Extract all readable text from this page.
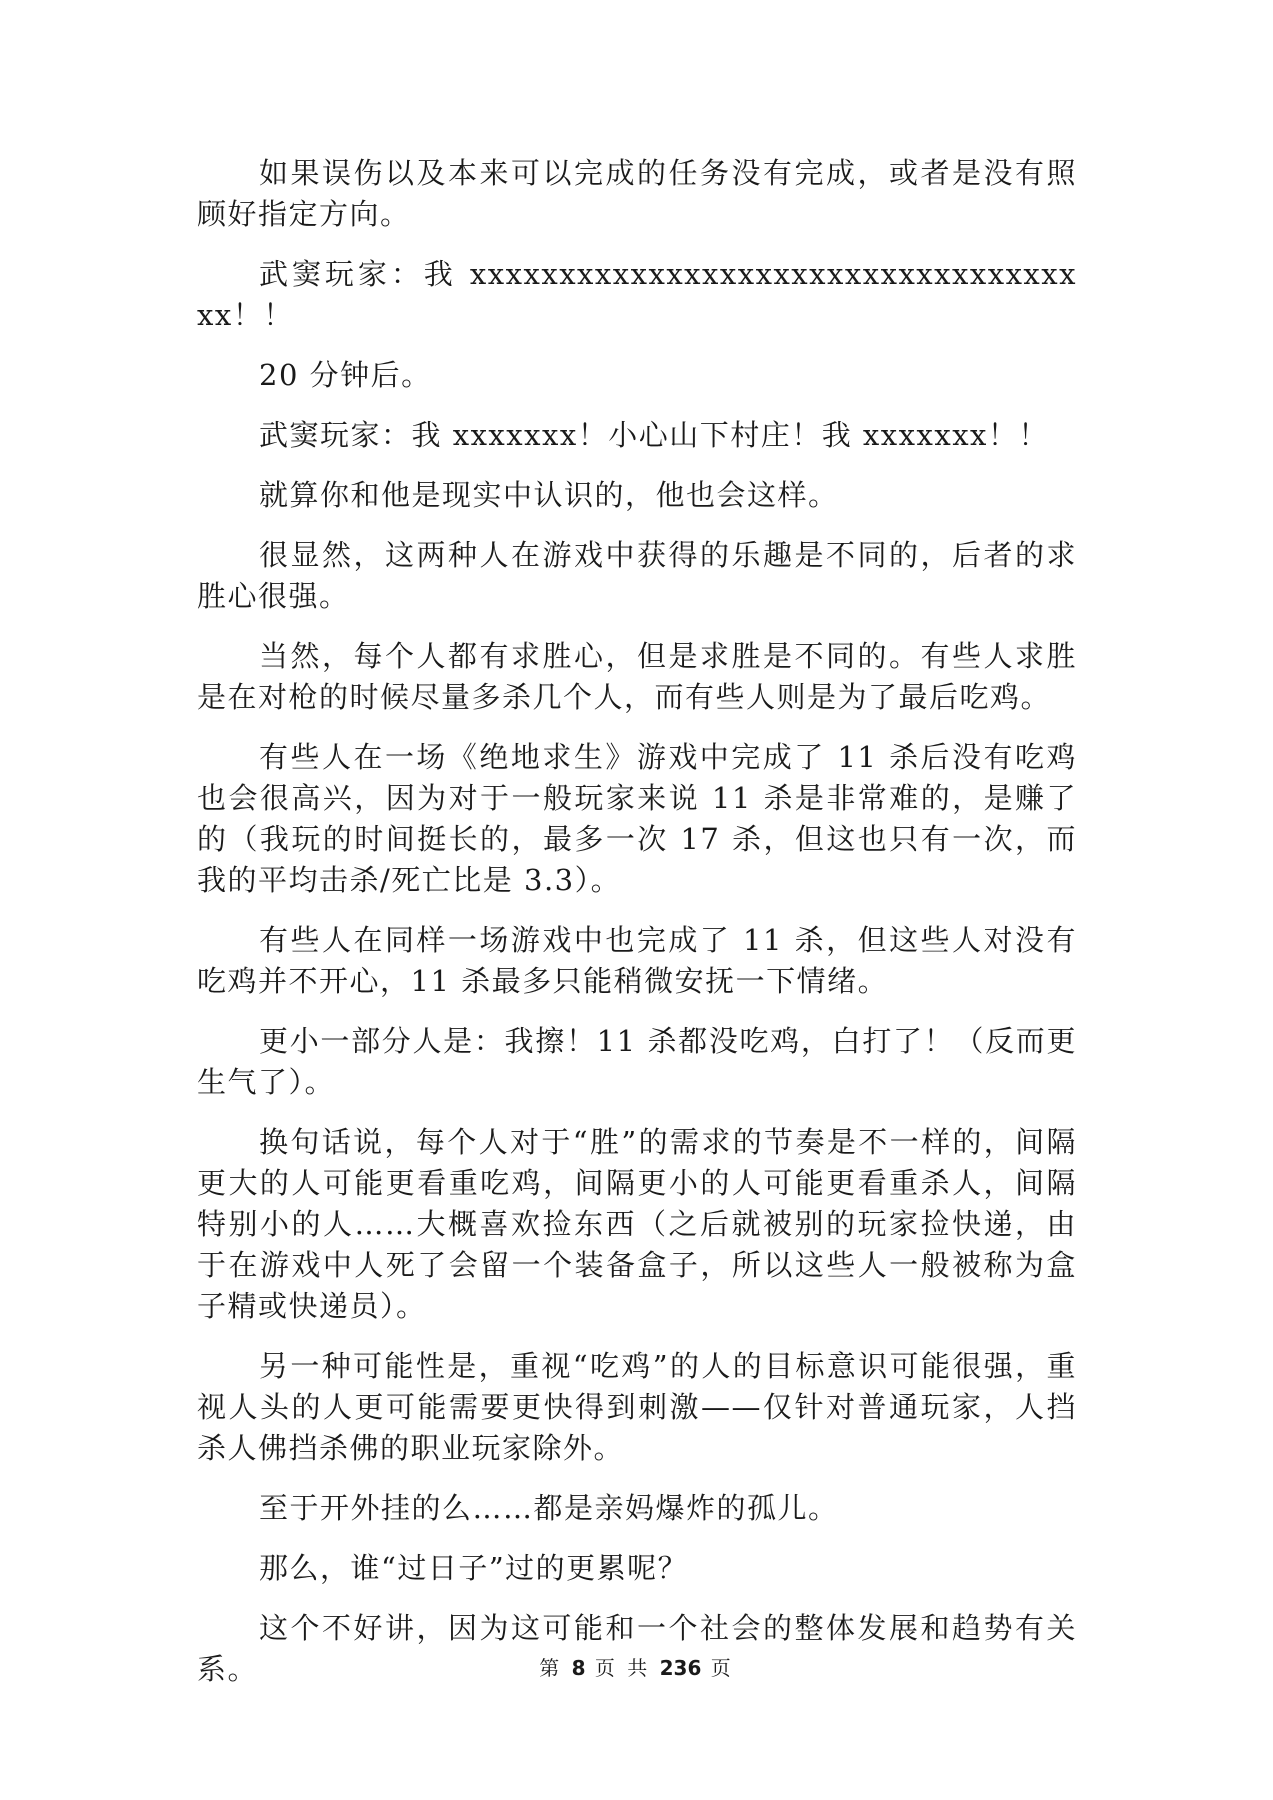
如果误伤以及本来可以完成的任务没有完成，或者是没有照顾好指定方向。

武窦玩家：我 xxxxxxxxxxxxxxxxxxxxxxxxxxxxxxxxxxxx！！

20 分钟后。

武窦玩家：我 xxxxxxx！小心山下村庄！我 xxxxxxx！！

就算你和他是现实中认识的，他也会这样。

很显然，这两种人在游戏中获得的乐趣是不同的，后者的求胜心很强。

当然，每个人都有求胜心，但是求胜是不同的。有些人求胜是在对枪的时候尽量多杀几个人，而有些人则是为了最后吃鸡。

有些人在一场《绝地求生》游戏中完成了 11 杀后没有吃鸡也会很高兴，因为对于一般玩家来说 11 杀是非常难的，是赚了的（我玩的时间挺长的，最多一次 17 杀，但这也只有一次，而我的平均击杀/死亡比是 3.3）。

有些人在同样一场游戏中也完成了 11 杀，但这些人对没有吃鸡并不开心，11 杀最多只能稍微安抚一下情绪。

更小一部分人是：我擦！11 杀都没吃鸡，白打了！（反而更生气了）。

换句话说，每个人对于“胜”的需求的节奏是不一样的，间隔更大的人可能更看重吃鸡，间隔更小的人可能更看重杀人，间隔特别小的人……大概喜欢捡东西（之后就被别的玩家捡快递，由于在游戏中人死了会留一个装备盒子，所以这些人一般被称为盒子精或快递员）。

另一种可能性是，重视“吃鸡”的人的目标意识可能很强，重视人头的人更可能需要更快得到刺激——仅针对普通玩家，人挡杀人佛挡杀佛的职业玩家除外。

至于开外挂的么……都是亲妈爆炸的孤儿。

那么，谁“过日子”过的更累呢？

这个不好讲，因为这可能和一个社会的整体发展和趋势有关系。	第 8 页 共 236 页
